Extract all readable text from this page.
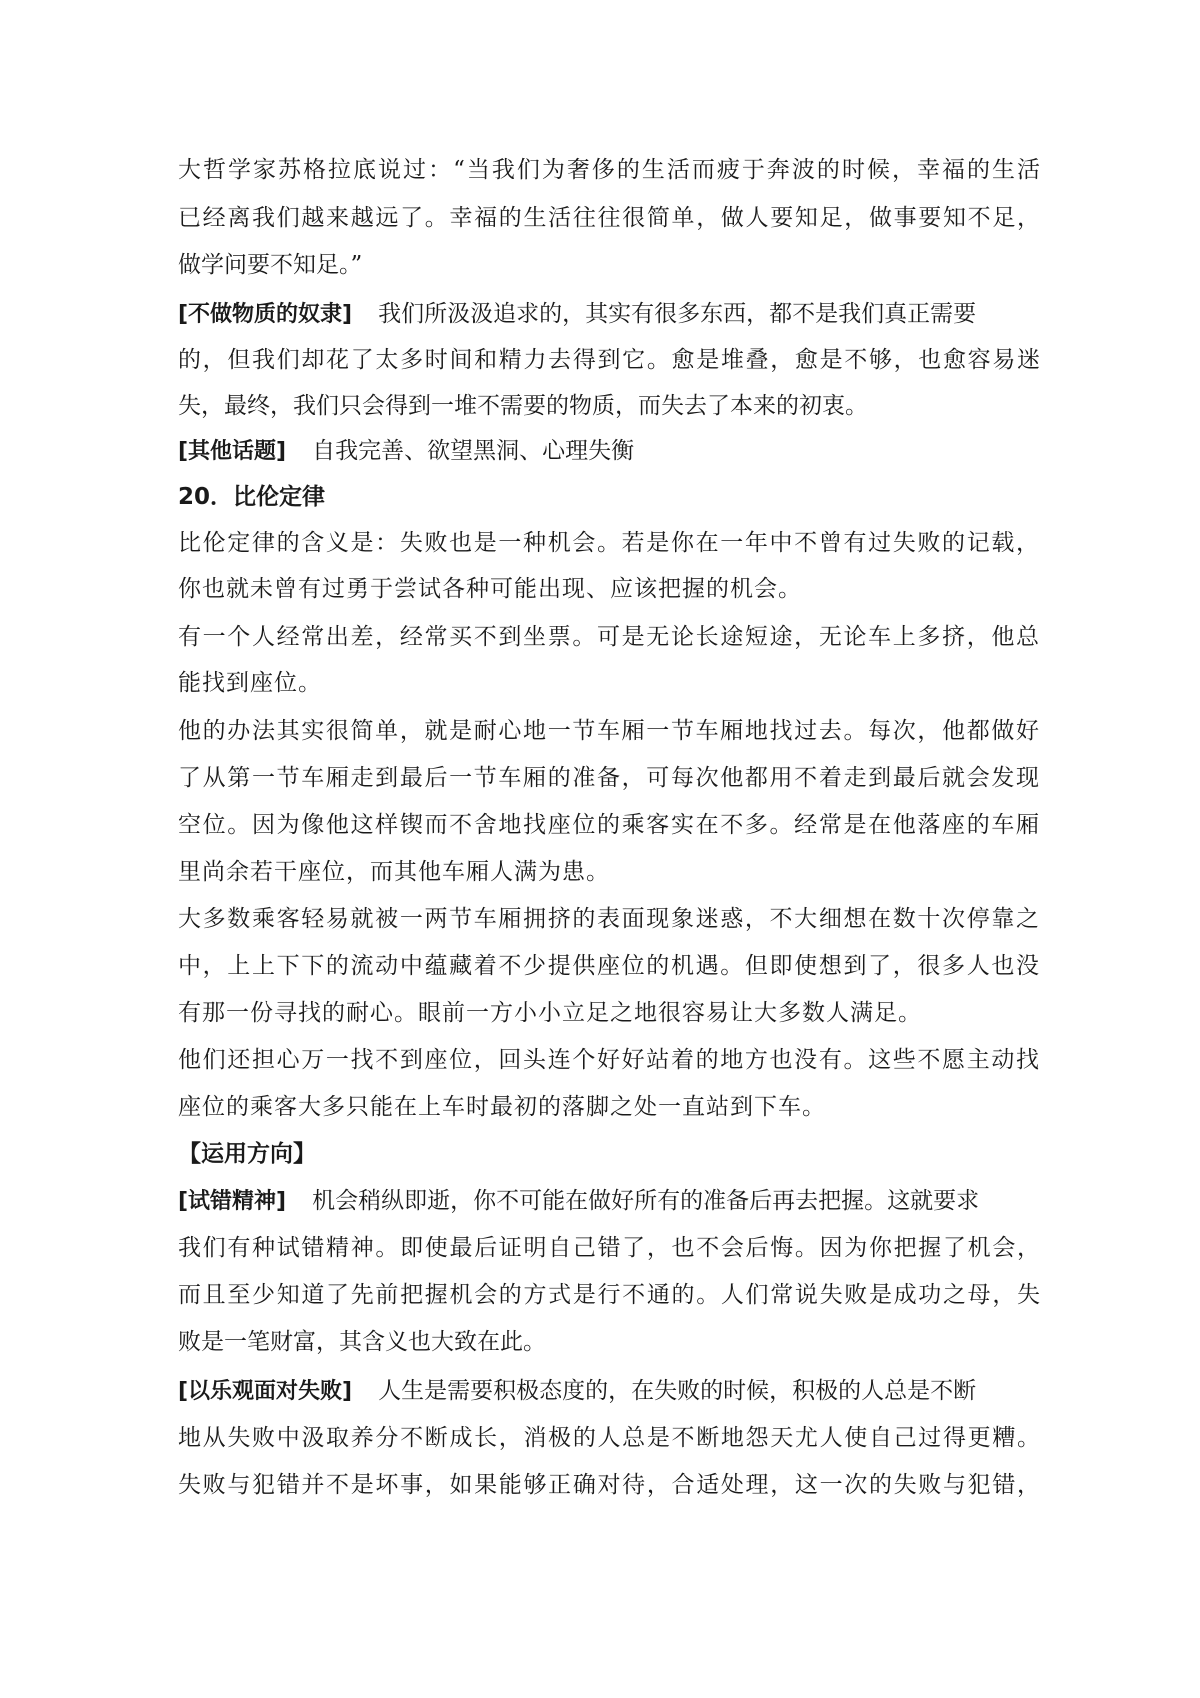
大哲学家苏格拉底说过：“当我们为奢侈的生活而疲于奔波的时候，幸福的生活
已经离我们越来越远了。幸福的生活往往很简单，做人要知足，做事要知不足，
做学问要不知足。”
[不做物质的奴隶] 我们所汲汲追求的，其实有很多东西，都不是我们真正需要
的，但我们却花了太多时间和精力去得到它。愈是堆叠，愈是不够，也愈容易迷
失，最终，我们只会得到一堆不需要的物质，而失去了本来的初衷。
[其他话题] 自我完善、欲望黑洞、心理失衡
20．比伦定律
比伦定律的含义是：失败也是一种机会。若是你在一年中不曾有过失败的记载，
你也就未曾有过勇于尝试各种可能出现、应该把握的机会。
有一个人经常出差，经常买不到坐票。可是无论长途短途，无论车上多挤，他总
能找到座位。
他的办法其实很简单，就是耐心地一节车厢一节车厢地找过去。每次，他都做好
了从第一节车厢走到最后一节车厢的准备，可每次他都用不着走到最后就会发现
空位。因为像他这样锲而不舍地找座位的乘客实在不多。经常是在他落座的车厢
里尚余若干座位，而其他车厢人满为患。
大多数乘客轻易就被一两节车厢拥挤的表面现象迷惑，不大细想在数十次停靠之
中，上上下下的流动中蕴藏着不少提供座位的机遇。但即使想到了，很多人也没
有那一份寻找的耐心。眼前一方小小立足之地很容易让大多数人满足。
他们还担心万一找不到座位，回头连个好好站着的地方也没有。这些不愿主动找
座位的乘客大多只能在上车时最初的落脚之处一直站到下车。
【运用方向】
[试错精神] 机会稍纵即逝，你不可能在做好所有的准备后再去把握。这就要求
我们有种试错精神。即使最后证明自己错了，也不会后悔。因为你把握了机会，
而且至少知道了先前把握机会的方式是行不通的。人们常说失败是成功之母，失
败是一笔财富，其含义也大致在此。
[以乐观面对失败] 人生是需要积极态度的，在失败的时候，积极的人总是不断
地从失败中汲取养分不断成长，消极的人总是不断地怨天尤人使自己过得更糟。
失败与犯错并不是坏事，如果能够正确对待，合适处理，这一次的失败与犯错，
